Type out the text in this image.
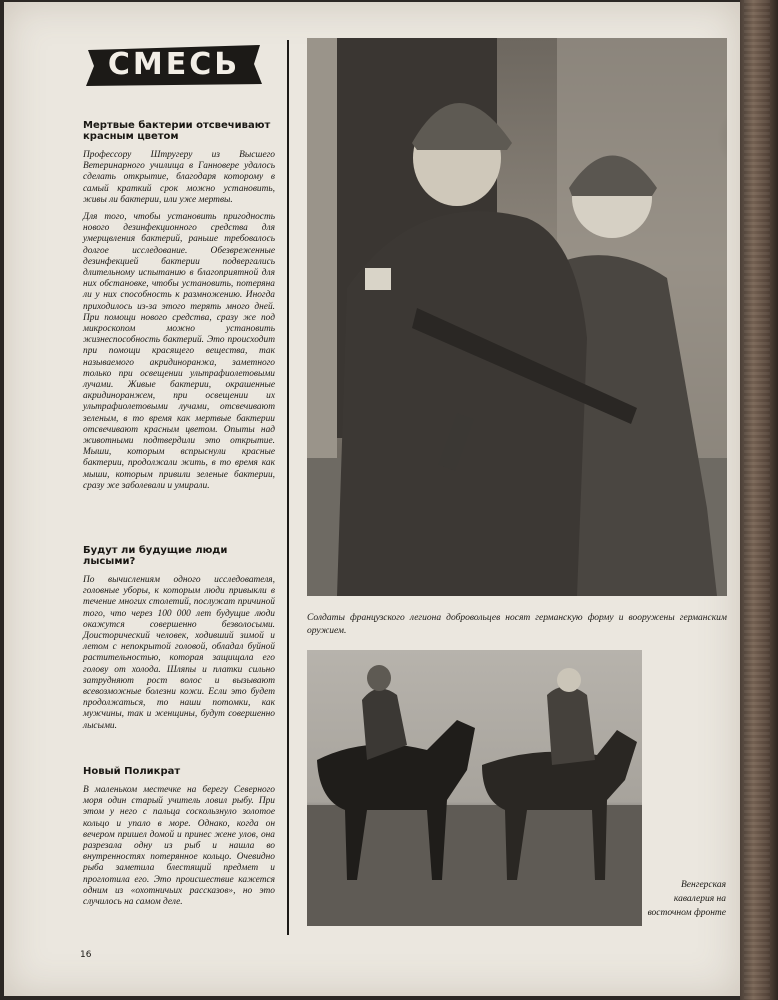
СМЕСЬ
Мертвые бактерии отсвечивают красным цветом

Профессору Штругеру из Высшего Ветеринарного училища в Ганновере удалось сделать открытие, благодаря которому в самый краткий срок можно установить, живы ли бактерии, или уже мертвы.

Для того, чтобы установить пригодность нового дезинфекционного средства для умерщвления бактерий, раньше требовалось долгое исследование. Обезвреженные дезинфекцией бактерии подвергались длительному испытанию в благоприятной для них обстановке, чтобы установить, потеряна ли у них способность к размножению. Иногда приходилось из-за этого терять много дней. При помощи нового средства, сразу же под микроскопом можно установить жизнеспособность бактерий. Это происходит при помощи красящего вещества, так называемого акридиноранжа, заметного только при освещении ультрафиолетовыми лучами. Живые бактерии, окрашенные акридиноранжем, при освещении их ультрафиолетовыми лучами, отсвечивают зеленым, в то время как мертвые бактерии отсвечивают красным цветом. Опыты над животными подтвердили это открытие. Мыши, которым вспрыснули красные бактерии, продолжали жить, в то время как мыши, которым привили зеленые бактерии, сразу же заболевали и умирали.

Будут ли будущие люди лысыми?

По вычислениям одного исследователя, головные уборы, к которым люди привыкли в течение многих столетий, послужат причиной того, что через 100 000 лет будущие люди окажутся совершенно безволосыми. Доисторический человек, ходивший зимой и летом с непокрытой головой, обладал буйной растительностью, которая защищала его голову от холода. Шляпы и платки сильно затрудняют рост волос и вызывают всевозможные болезни кожи. Если это будет продолжаться, то наши потомки, как мужчины, так и женщины, будут совершенно лысыми.

Новый Поликрат

В маленьком местечке на берегу Северного моря один старый учитель ловил рыбу. При этом у него с пальца соскользнуло золотое кольцо и упало в море. Однако, когда он вечером пришел домой и принес жене улов, она разрезала одну из рыб и нашла во внутренностях потерянное кольцо. Очевидно рыба заметила блестящий предмет и проглотила его. Это происшествие кажется одним из «охотничьих рассказов», но это случилось на самом деле.

Солдаты французского легиона добровольцев носят германскую форму и вооружены германским оружием.
Венгерская кавалерия на восточном фронте
16
